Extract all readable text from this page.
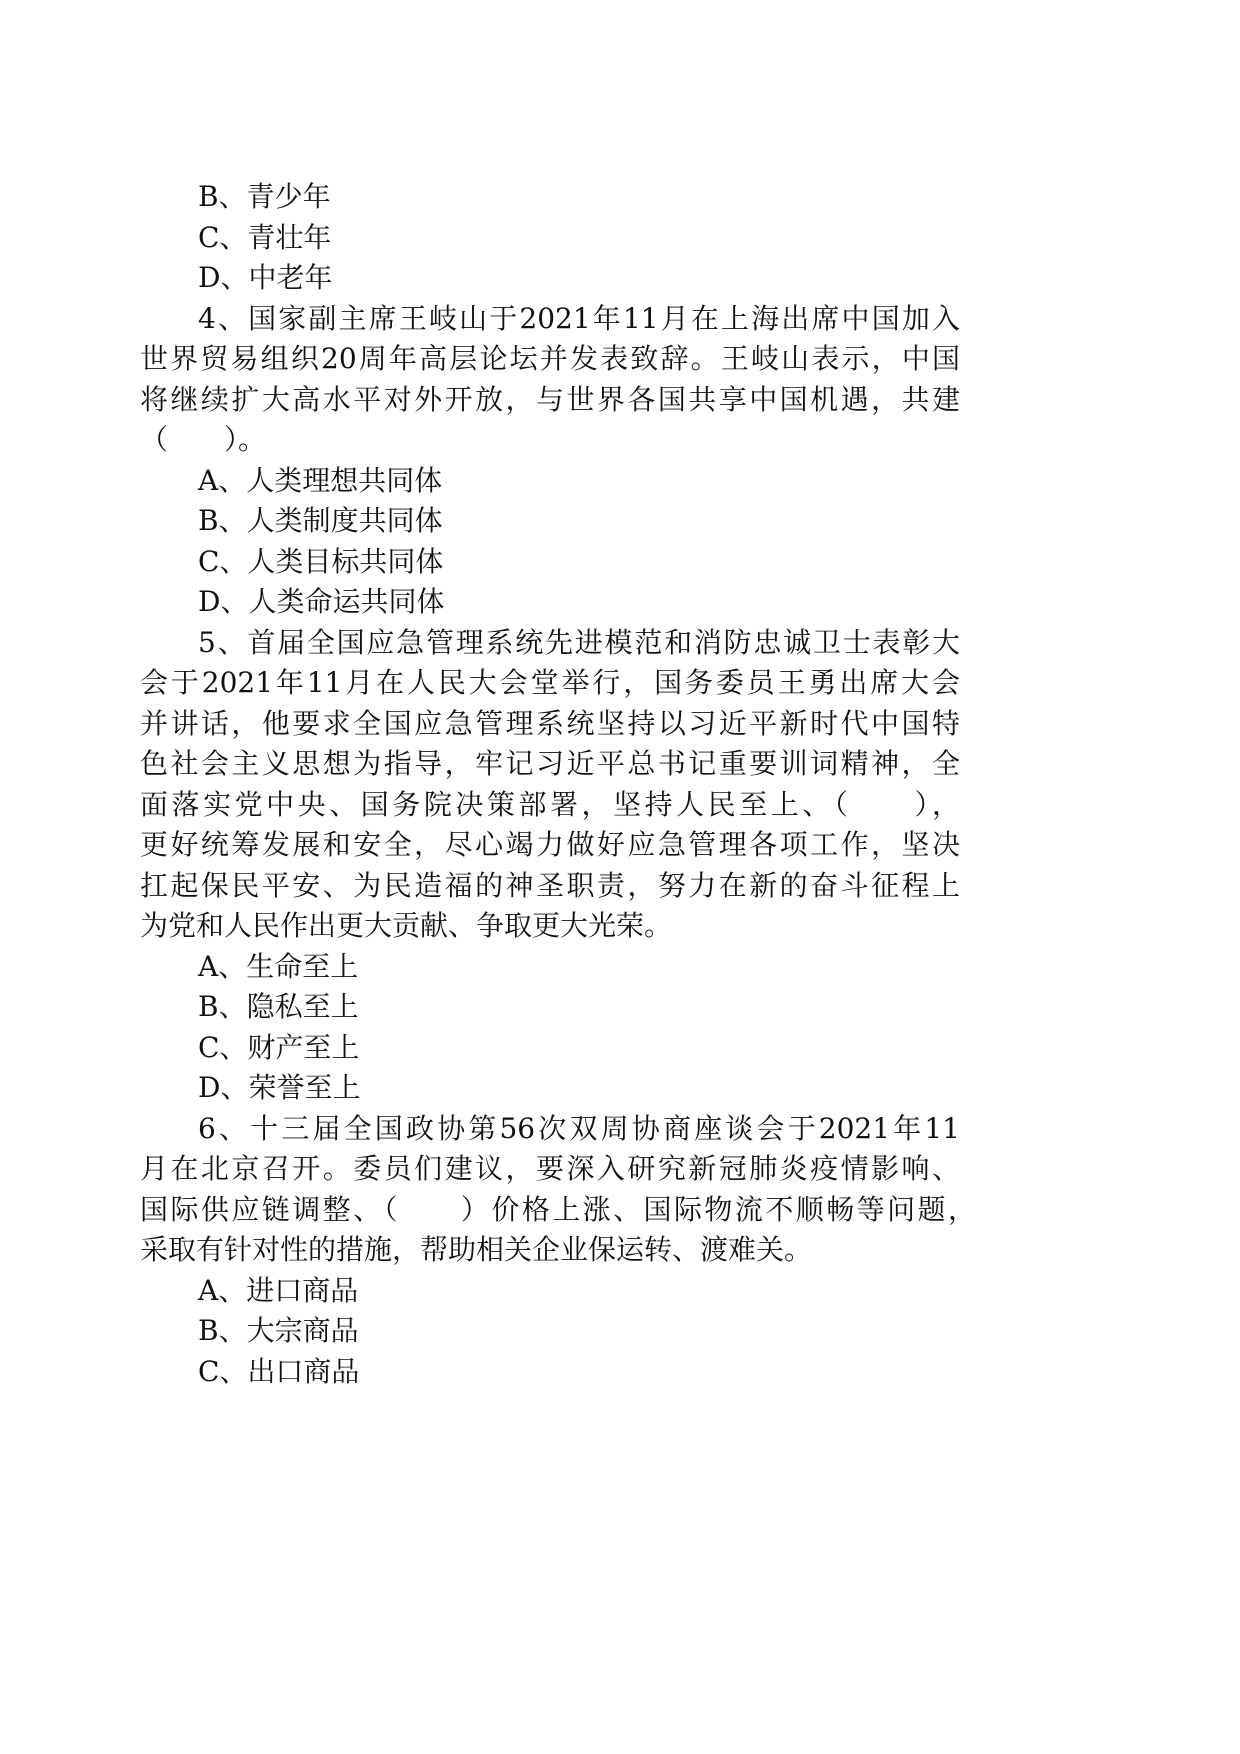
B、青少年
C、青壮年
D、中老年
4、国家副主席王岐山于2021年11月在上海出席中国加入
世界贸易组织20周年高层论坛并发表致辞。王岐山表示，中国
将继续扩大高水平对外开放，与世界各国共享中国机遇，共建
（　　）。
A、人类理想共同体
B、人类制度共同体
C、人类目标共同体
D、人类命运共同体
5、首届全国应急管理系统先进模范和消防忠诚卫士表彰大
会于2021年11月在人民大会堂举行，国务委员王勇出席大会
并讲话，他要求全国应急管理系统坚持以习近平新时代中国特
色社会主义思想为指导，牢记习近平总书记重要训词精神，全
面落实党中央、国务院决策部署，坚持人民至上、（　　），
更好统筹发展和安全，尽心竭力做好应急管理各项工作，坚决
扛起保民平安、为民造福的神圣职责，努力在新的奋斗征程上
为党和人民作出更大贡献、争取更大光荣。
A、生命至上
B、隐私至上
C、财产至上
D、荣誉至上
6、十三届全国政协第56次双周协商座谈会于2021年11
月在北京召开。委员们建议，要深入研究新冠肺炎疫情影响、
国际供应链调整、（　　）价格上涨、国际物流不顺畅等问题，
采取有针对性的措施，帮助相关企业保运转、渡难关。
A、进口商品
B、大宗商品
C、出口商品
